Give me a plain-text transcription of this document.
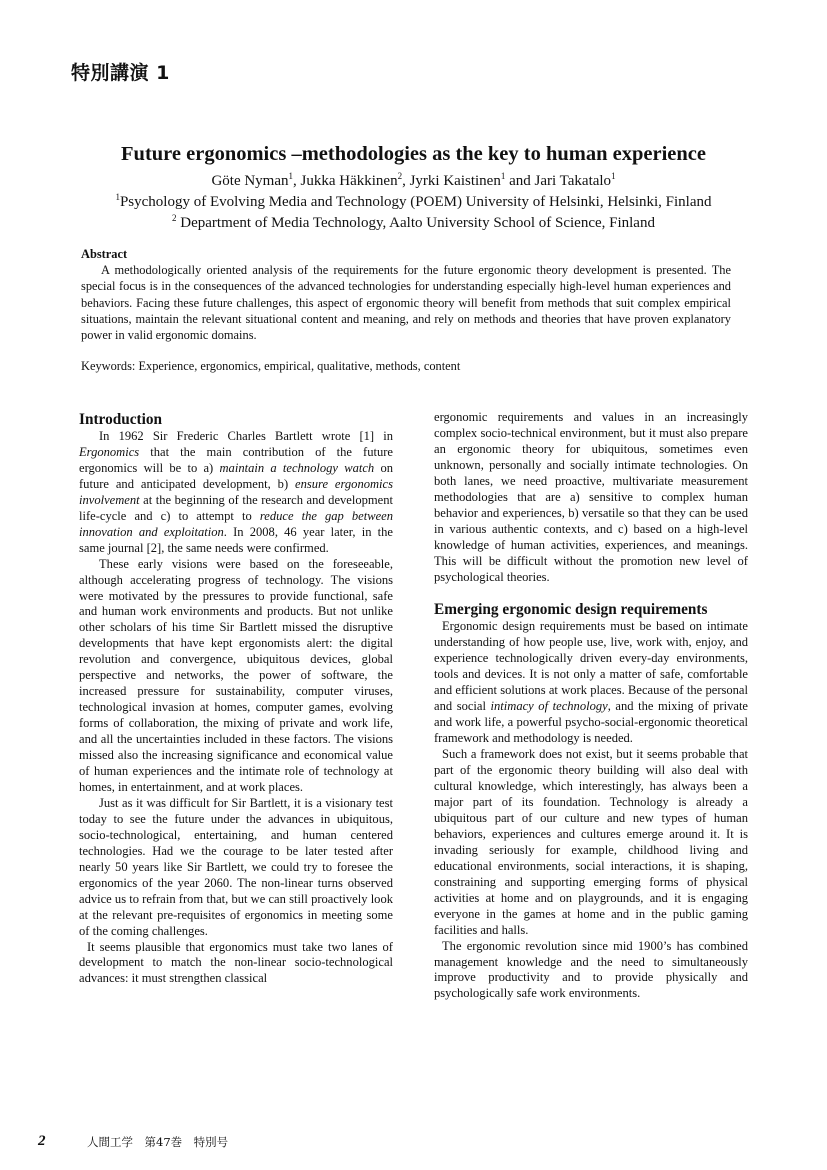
特別講演 1
Future ergonomics –methodologies as the key to human experience
Göte Nyman$^1$, Jukka Häkkinen$^2$, Jyrki Kaistinen$^1$ and Jari Takatalo$^1$
$^1$Psychology of Evolving Media and Technology (POEM) University of Helsinki, Helsinki, Finland
$^2$ Department of Media Technology, Aalto University School of Science, Finland
Abstract
A methodologically oriented analysis of the requirements for the future ergonomic theory development is presented. The special focus is in the consequences of the advanced technologies for understanding especially high-level human experiences and behaviors. Facing these future challenges, this aspect of ergonomic theory will benefit from methods that suit complex empirical situations, maintain the relevant situational content and meaning, and rely on methods and theories that have proven explanatory power in valid ergonomic domains.
Keywords: Experience, ergonomics, empirical, qualitative, methods, content
Introduction

In 1962 Sir Frederic Charles Bartlett wrote [1] in Ergonomics that the main contribution of the future ergonomics will be to a) maintain a technology watch on future and anticipated development, b) ensure ergonomics involvement at the beginning of the research and development life-cycle and c) to attempt to reduce the gap between innovation and exploitation. In 2008, 46 year later, in the same journal [2], the same needs were confirmed.

These early visions were based on the foreseeable, although accelerating progress of technology. The visions were motivated by the pressures to provide functional, safe and human work environments and products. But not unlike other scholars of his time Sir Bartlett missed the disruptive developments that have kept ergonomists alert: the digital revolution and convergence, ubiquitous devices, global perspective and networks, the power of software, the increased pressure for sustainability, computer viruses, technological invasion at homes, computer games, evolving forms of collaboration, the mixing of private and work life, and all the uncertainties included in these factors. The visions missed also the increasing significance and economical value of human experiences and the intimate role of technology at homes, in entertainment, and at work places.

Just as it was difficult for Sir Bartlett, it is a visionary test today to see the future under the advances in ubiquitous, socio-technological, entertaining, and human centered technologies. Had we the courage to be later tested after nearly 50 years like Sir Bartlett, we could try to foresee the ergonomics of the year 2060. The non-linear turns observed advice us to refrain from that, but we can still proactively look at the relevant pre-requisites of ergonomics in meeting some of the coming challenges.

It seems plausible that ergonomics must take two lanes of development to match the non-linear socio-technological advances: it must strengthen classical

ergonomic requirements and values in an increasingly complex socio-technical environment, but it must also prepare an ergonomic theory for ubiquitous, sometimes even unknown, personally and socially intimate technologies. On both lanes, we need proactive, multivariate measurement methodologies that are a) sensitive to complex human behavior and experiences, b) versatile so that they can be used in various authentic contexts, and c) based on a high-level knowledge of human activities, experiences, and meanings. This will be difficult without the promotion new level of psychological theories.

Emerging ergonomic design requirements

Ergonomic design requirements must be based on intimate understanding of how people use, live, work with, enjoy, and experience technologically driven every-day environments, tools and devices. It is not only a matter of safe, comfortable and efficient solutions at work places. Because of the personal and social intimacy of technology, and the mixing of private and work life, a powerful psycho-social-ergonomic theoretical framework and methodology is needed.

Such a framework does not exist, but it seems probable that part of the ergonomic theory building will also deal with cultural knowledge, which interestingly, has always been a major part of its foundation. Technology is already a ubiquitous part of our culture and new types of human behaviors, experiences and cultures emerge around it. It is invading seriously for example, childhood living and educational environments, social interactions, it is shaping, constraining and supporting emerging forms of physical activities at home and on playgrounds, and it is engaging everyone in the games at home and in the public gaming facilities and halls.

The ergonomic revolution since mid 1900’s has combined management knowledge and the need to simultaneously improve productivity and to provide physically and psychologically safe work environments.

2	人間工学　第47巻　特別号
